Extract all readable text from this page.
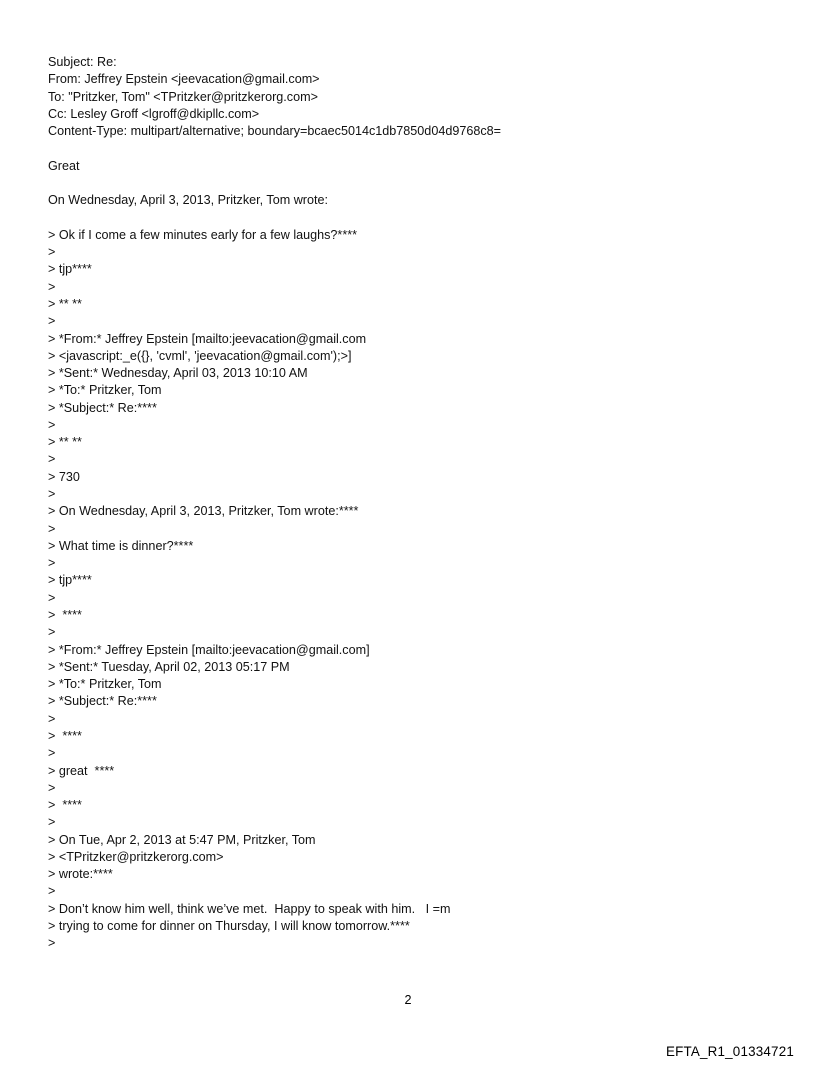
Subject: Re:
From: Jeffrey Epstein <jeevacation@gmail.com>
To: "Pritzker, Tom" <TPritzker@pritzkerorg.com>
Cc: Lesley Groff <lgroff@dkipllc.com>
Content-Type: multipart/alternative; boundary=bcaec5014c1db7850d04d9768c8=
Great
On Wednesday, April 3, 2013, Pritzker, Tom wrote:
> Ok if I come a few minutes early for a few laughs?****
>
> tjp****
>
> ** **
>
> *From:* Jeffrey Epstein [mailto:jeevacation@gmail.com
> <javascript:_e({}, 'cvml', 'jeevacation@gmail.com');>]
> *Sent:* Wednesday, April 03, 2013 10:10 AM
> *To:* Pritzker, Tom
> *Subject:* Re:****
>
> ** **
>
> 730
>
> On Wednesday, April 3, 2013, Pritzker, Tom wrote:****
>
> What time is dinner?****
>
> tjp****
>
>  ****
>
> *From:* Jeffrey Epstein [mailto:jeevacation@gmail.com]
> *Sent:* Tuesday, April 02, 2013 05:17 PM
> *To:* Pritzker, Tom
> *Subject:* Re:****
>
>  ****
>
> great  ****
>
>  ****
>
> On Tue, Apr 2, 2013 at 5:47 PM, Pritzker, Tom
> <TPritzker@pritzkerorg.com>
> wrote:****
>
> Don’t know him well, think we’ve met.  Happy to speak with him.   I =m
> trying to come for dinner on Thursday, I will know tomorrow.****
>
2
EFTA_R1_01334721
